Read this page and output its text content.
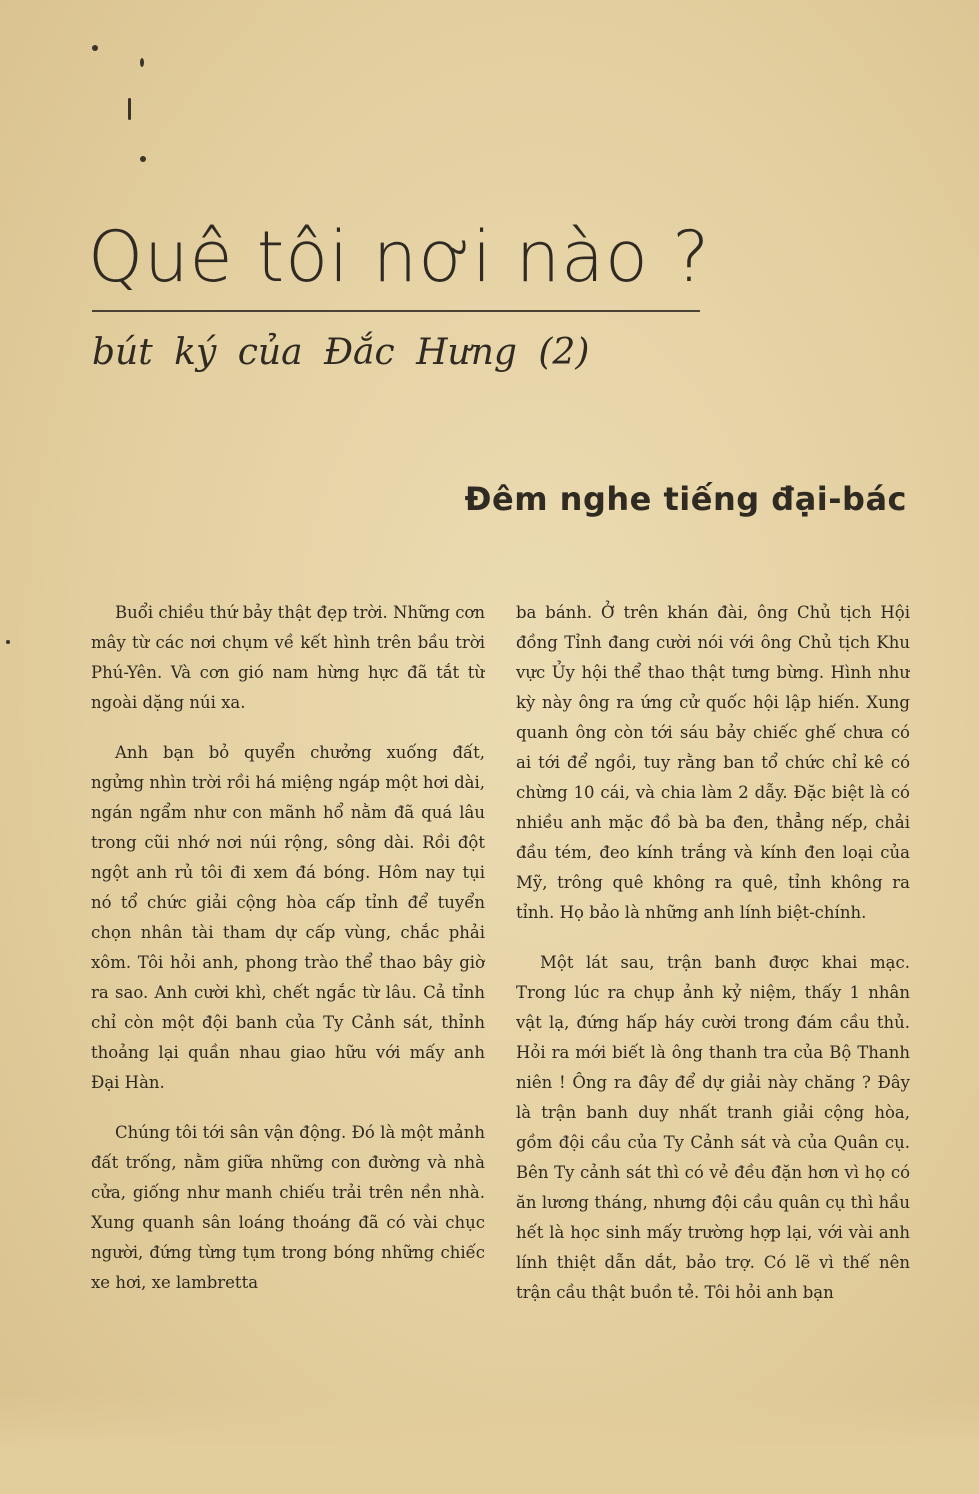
Quê tôi nơi nào ?
bút ký của Đắc Hưng (2)
Đêm nghe tiếng đại-bác

Buổi chiều thứ bảy thật đẹp trời. Những cơn mây từ các nơi chụm về kết hình trên bầu trời Phú-Yên. Và cơn gió nam hừng hực đã tắt từ ngoài dặng núi xa.

Anh bạn bỏ quyển chưởng xuống đất, ngửng nhìn trời rồi há miệng ngáp một hơi dài, ngán ngẩm như con mãnh hổ nằm đã quá lâu trong cũi nhớ nơi núi rộng, sông dài. Rồi đột ngột anh rủ tôi đi xem đá bóng. Hôm nay tụi nó tổ chức giải cộng hòa cấp tỉnh để tuyển chọn nhân tài tham dự cấp vùng, chắc phải xôm. Tôi hỏi anh, phong trào thể thao bây giờ ra sao. Anh cười khì, chết ngắc từ lâu. Cả tỉnh chỉ còn một đội banh của Ty Cảnh sát, thỉnh thoảng lại quần nhau giao hữu với mấy anh Đại Hàn.

Chúng tôi tới sân vận động. Đó là một mảnh đất trống, nằm giữa những con đường và nhà cửa, giống như manh chiếu trải trên nền nhà. Xung quanh sân loáng thoáng đã có vài chục người, đứng từng tụm trong bóng những chiếc xe hơi, xe lambretta

ba bánh. Ở trên khán đài, ông Chủ tịch Hội đồng Tỉnh đang cười nói với ông Chủ tịch Khu vực Ủy hội thể thao thật tưng bừng. Hình như kỳ này ông ra ứng cử quốc hội lập hiến. Xung quanh ông còn tới sáu bảy chiếc ghế chưa có ai tới để ngồi, tuy rằng ban tổ chức chỉ kê có chừng 10 cái, và chia làm 2 dẫy. Đặc biệt là có nhiều anh mặc đồ bà ba đen, thẳng nếp, chải đầu tém, đeo kính trắng và kính đen loại của Mỹ, trông quê không ra quê, tỉnh không ra tỉnh. Họ bảo là những anh lính biệt-chính.

Một lát sau, trận banh được khai mạc. Trong lúc ra chụp ảnh kỷ niệm, thấy 1 nhân vật lạ, đứng hấp háy cười trong đám cầu thủ. Hỏi ra mới biết là ông thanh tra của Bộ Thanh niên ! Ông ra đây để dự giải này chăng ? Đây là trận banh duy nhất tranh giải cộng hòa, gồm đội cầu của Ty Cảnh sát và của Quân cụ. Bên Ty cảnh sát thì có vẻ đều đặn hơn vì họ có ăn lương tháng, nhưng đội cầu quân cụ thì hầu hết là học sinh mấy trường hợp lại, với vài anh lính thiệt dẫn dắt, bảo trợ. Có lẽ vì thế nên trận cầu thật buồn tẻ. Tôi hỏi anh bạn
